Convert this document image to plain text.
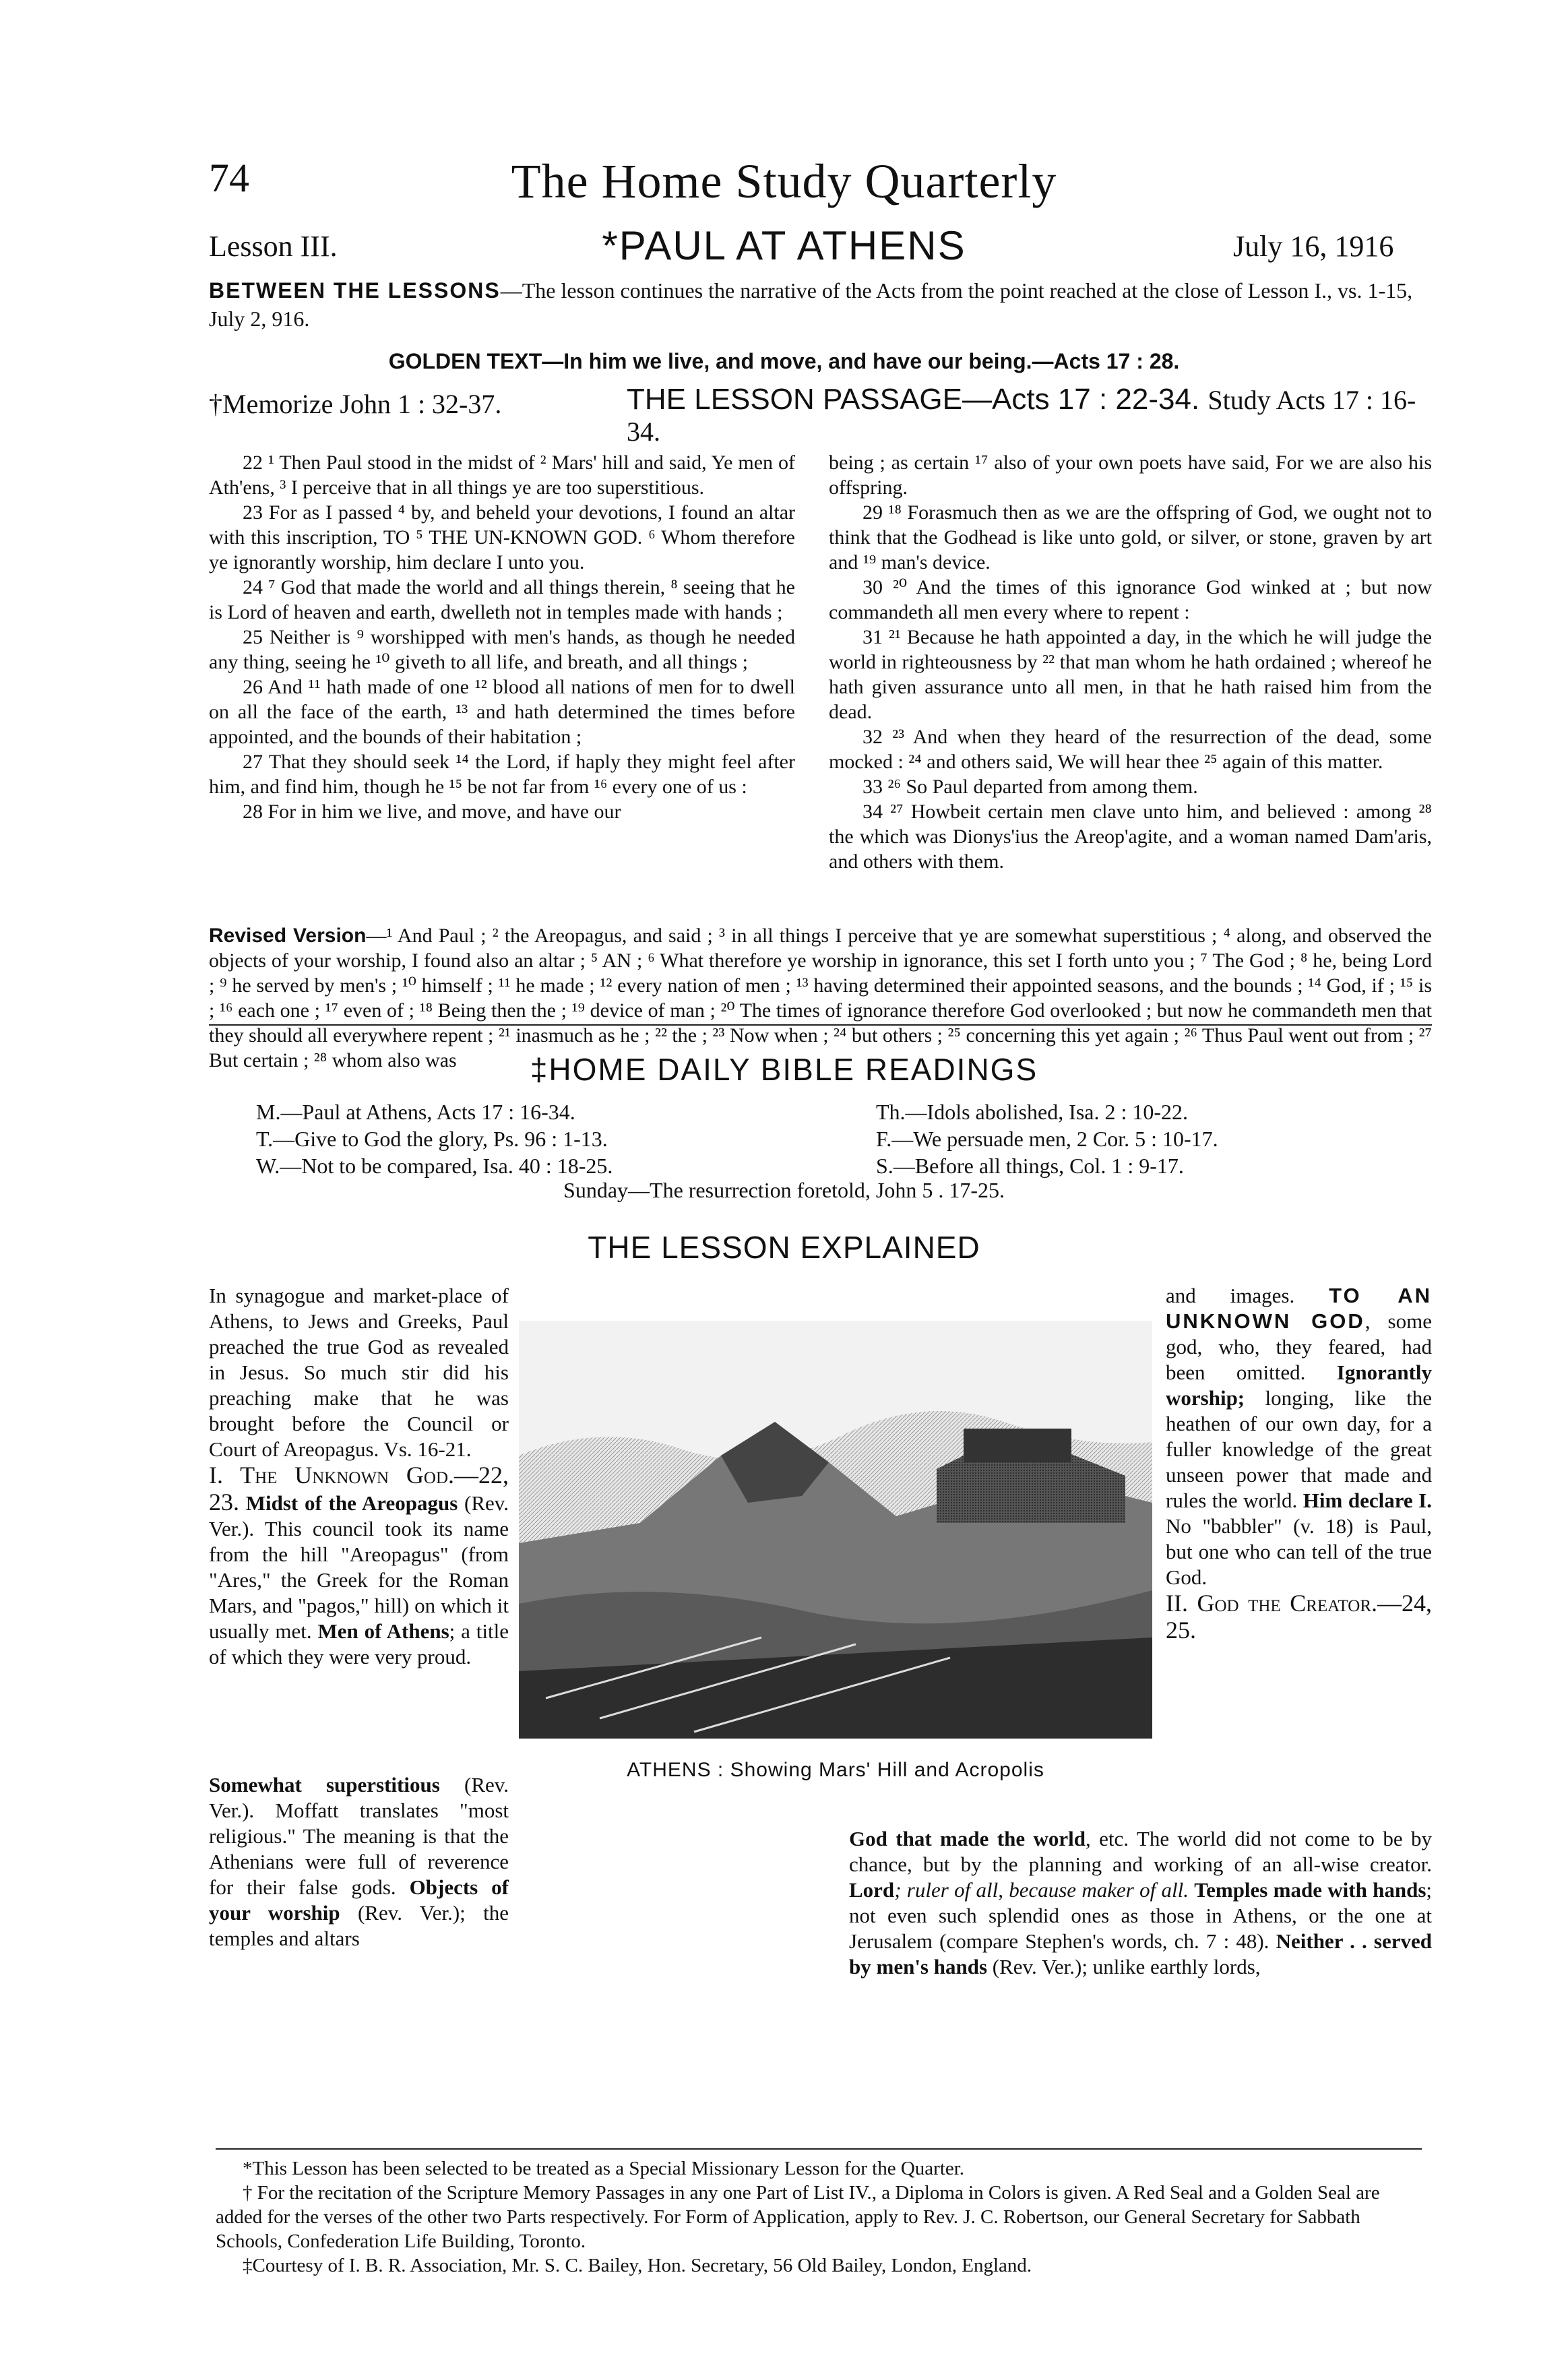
74	The Home Study Quarterly
Lesson III.	*PAUL AT ATHENS	July 16, 1916
BETWEEN THE LESSONS—The lesson continues the narrative of the Acts from the point reached at the close of Lesson I., vs. 1-15, July 2, 916.
GOLDEN TEXT—In him we live, and move, and have our being.—Acts 17 : 28.
†Memorize John 1 : 32-37.	THE LESSON PASSAGE—Acts 17 : 22-34. Study Acts 17 : 16-34.

22 ¹ Then Paul stood in the midst of ² Mars' hill and said, Ye men of Ath'ens, ³ I perceive that in all things ye are too superstitious.

23 For as I passed ⁴ by, and beheld your devotions, I found an altar with this inscription, TO ⁵ THE UN-KNOWN GOD. ⁶ Whom therefore ye ignorantly worship, him declare I unto you.

24 ⁷ God that made the world and all things therein, ⁸ seeing that he is Lord of heaven and earth, dwelleth not in temples made with hands ;

25 Neither is ⁹ worshipped with men's hands, as though he needed any thing, seeing he ¹⁰ giveth to all life, and breath, and all things ;

26 And ¹¹ hath made of one ¹² blood all nations of men for to dwell on all the face of the earth, ¹³ and hath determined the times before appointed, and the bounds of their habitation ;

27 That they should seek ¹⁴ the Lord, if haply they might feel after him, and find him, though he ¹⁵ be not far from ¹⁶ every one of us :

28 For in him we live, and move, and have our

being ; as certain ¹⁷ also of your own poets have said, For we are also his offspring.

29 ¹⁸ Forasmuch then as we are the offspring of God, we ought not to think that the Godhead is like unto gold, or silver, or stone, graven by art and ¹⁹ man's device.

30 ²⁰ And the times of this ignorance God winked at ; but now commandeth all men every where to repent :

31 ²¹ Because he hath appointed a day, in the which he will judge the world in righteousness by ²² that man whom he hath ordained ; whereof he hath given assurance unto all men, in that he hath raised him from the dead.

32 ²³ And when they heard of the resurrection of the dead, some mocked : ²⁴ and others said, We will hear thee ²⁵ again of this matter.

33 ²⁶ So Paul departed from among them.

34 ²⁷ Howbeit certain men clave unto him, and believed : among ²⁸ the which was Dionys'ius the Areop'agite, and a woman named Dam'aris, and others with them.

Revised Version—¹ And Paul ; ² the Areopagus, and said ; ³ in all things I perceive that ye are somewhat superstitious ; ⁴ along, and observed the objects of your worship, I found also an altar ; ⁵ AN ; ⁶ What therefore ye worship in ignorance, this set I forth unto you ; ⁷ The God ; ⁸ he, being Lord ; ⁹ he served by men's ; ¹⁰ himself ; ¹¹ he made ; ¹² every nation of men ; ¹³ having determined their appointed seasons, and the bounds ; ¹⁴ God, if ; ¹⁵ is ; ¹⁶ each one ; ¹⁷ even of ; ¹⁸ Being then the ; ¹⁹ device of man ; ²⁰ The times of ignorance therefore God overlooked ; but now he commandeth men that they should all everywhere repent ; ²¹ inasmuch as he ; ²² the ; ²³ Now when ; ²⁴ but others ; ²⁵ concerning this yet again ; ²⁶ Thus Paul went out from ; ²⁷ But certain ; ²⁸ whom also was	‡HOME DAILY BIBLE READINGS
M.—Paul at Athens, Acts 17 : 16-34.
T.—Give to God the glory, Ps. 96 : 1-13.
W.—Not to be compared, Isa. 40 : 18-25.
Th.—Idols abolished, Isa. 2 : 10-22.
F.—We persuade men, 2 Cor. 5 : 10-17.
S.—Before all things, Col. 1 : 9-17.
Sunday—The resurrection foretold, John 5 . 17-25.
THE LESSON EXPLAINED
In synagogue and market-place of Athens, to Jews and Greeks, Paul preached the true God as revealed in Jesus. So much stir did his preaching make that he was brought before the Council or Court of Areopagus. Vs. 16-21.
I. The Unknown God.—22, 23. Midst of the Areopagus (Rev. Ver.). This council took its name from the hill "Areopagus" (from "Ares," the Greek for the Roman Mars, and "pagos," hill) on which it usually met. Men of Athens; a title of which they were very proud.
and images. TO AN UNKNOWN GOD, some god, who, they feared, had been omitted. Ignorantly worship; longing, like the heathen of our own day, for a fuller knowledge of the great unseen power that made and rules the world. Him declare I. No "babbler" (v. 18) is Paul, but one who can tell of the true God.
II. God the Creator.—24, 25.
ATHENS : Showing Mars' Hill and Acropolis
Somewhat superstitious (Rev. Ver.). Moffatt translates "most religious." The meaning is that the Athenians were full of reverence for their false gods. Objects of your worship (Rev. Ver.); the temples and altars
God that made the world, etc. The world did not come to be by chance, but by the planning and working of an all-wise creator. Lord; ruler of all, because maker of all. Temples made with hands; not even such splendid ones as those in Athens, or the one at Jerusalem (compare Stephen's words, ch. 7 : 48). Neither . . served by men's hands (Rev. Ver.); unlike earthly lords,

*This Lesson has been selected to be treated as a Special Missionary Lesson for the Quarter.

† For the recitation of the Scripture Memory Passages in any one Part of List IV., a Diploma in Colors is given. A Red Seal and a Golden Seal are added for the verses of the other two Parts respectively. For Form of Application, apply to Rev. J. C. Robertson, our General Secretary for Sabbath Schools, Confederation Life Building, Toronto.

‡Courtesy of I. B. R. Association, Mr. S. C. Bailey, Hon. Secretary, 56 Old Bailey, London, England.
